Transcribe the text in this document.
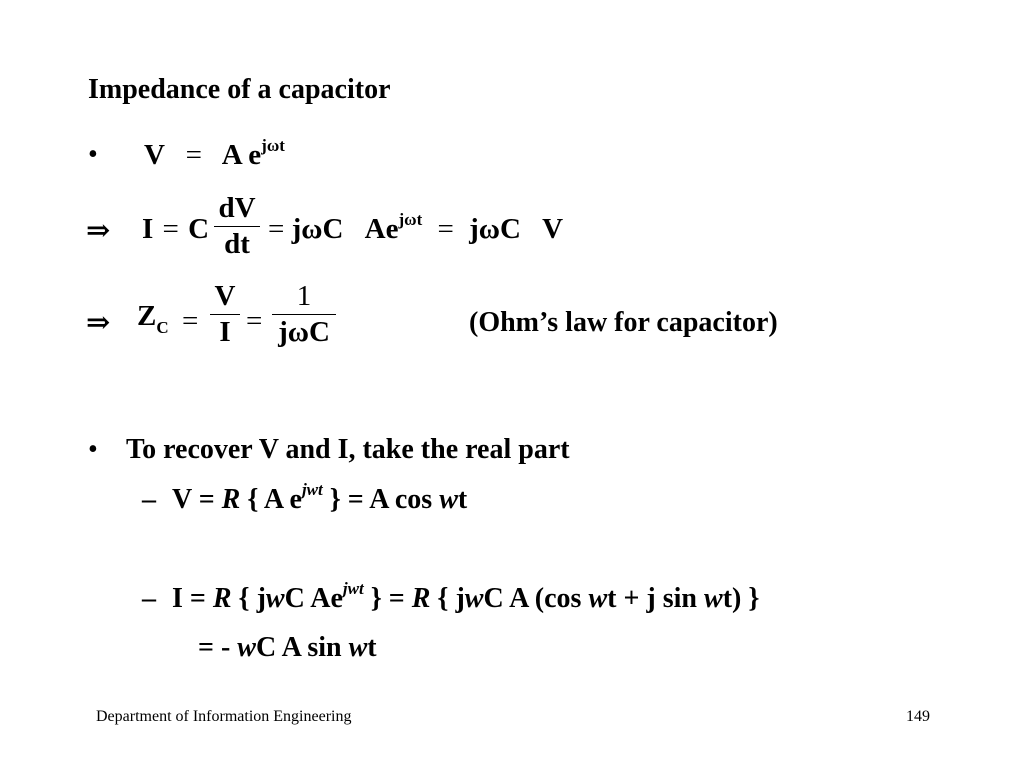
Impedance of a capacitor
• V = A $e^{j\omega t}$
⇒ I = C
dV
dt = jωC $Ae^{j\omega t} = j\omega C$ V
⇒ $Z_C$ =
V
I =
1
jωC	(Ohm’s law for capacitor)
• To recover V and I, take the real part
– V = R { A $e^{jwt}$ } = A cos wt
– I = R { jwC $Ae^{jwt}$ } = R { jwC A (cos wt + j sin wt) }
= - wC A sin wt
Department of Information Engineering	149
